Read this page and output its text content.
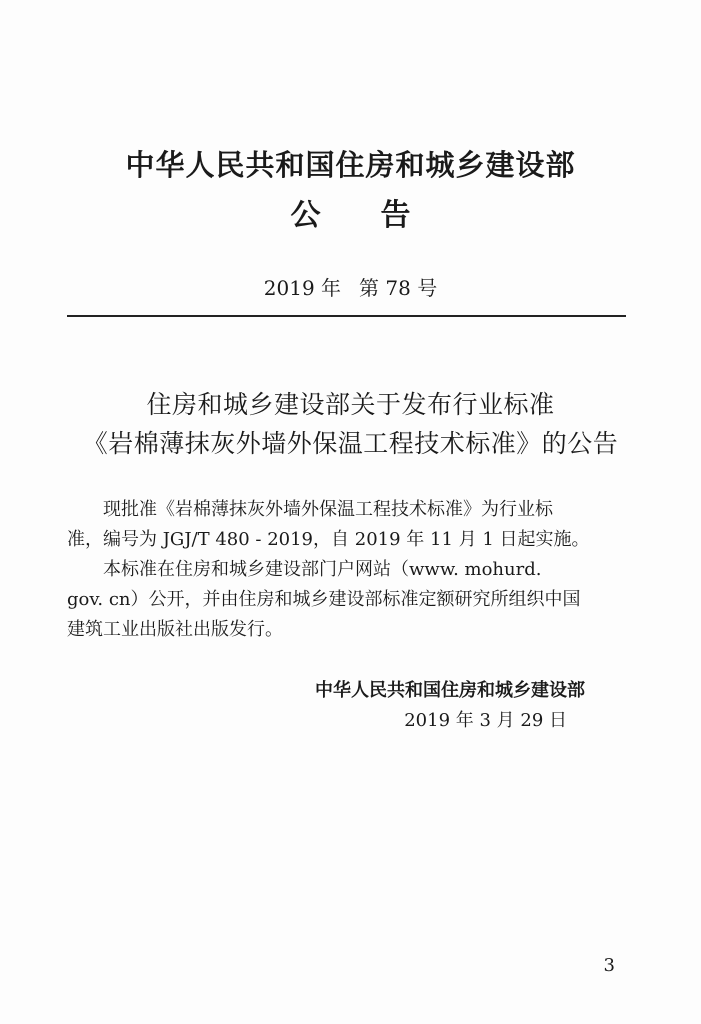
中华人民共和国住房和城乡建设部
公 告
2019 年 第 78 号
住房和城乡建设部关于发布行业标准
《岩棉薄抹灰外墙外保温工程技术标准》的公告
现批准《岩棉薄抹灰外墙外保温工程技术标准》为行业标
准，编号为 JGJ/T 480 - 2019，自 2019 年 11 月 1 日起实施。
本标准在住房和城乡建设部门户网站（www. mohurd.
gov. cn）公开，并由住房和城乡建设部标准定额研究所组织中国
建筑工业出版社出版发行。
中华人民共和国住房和城乡建设部
2019 年 3 月 29 日
3
